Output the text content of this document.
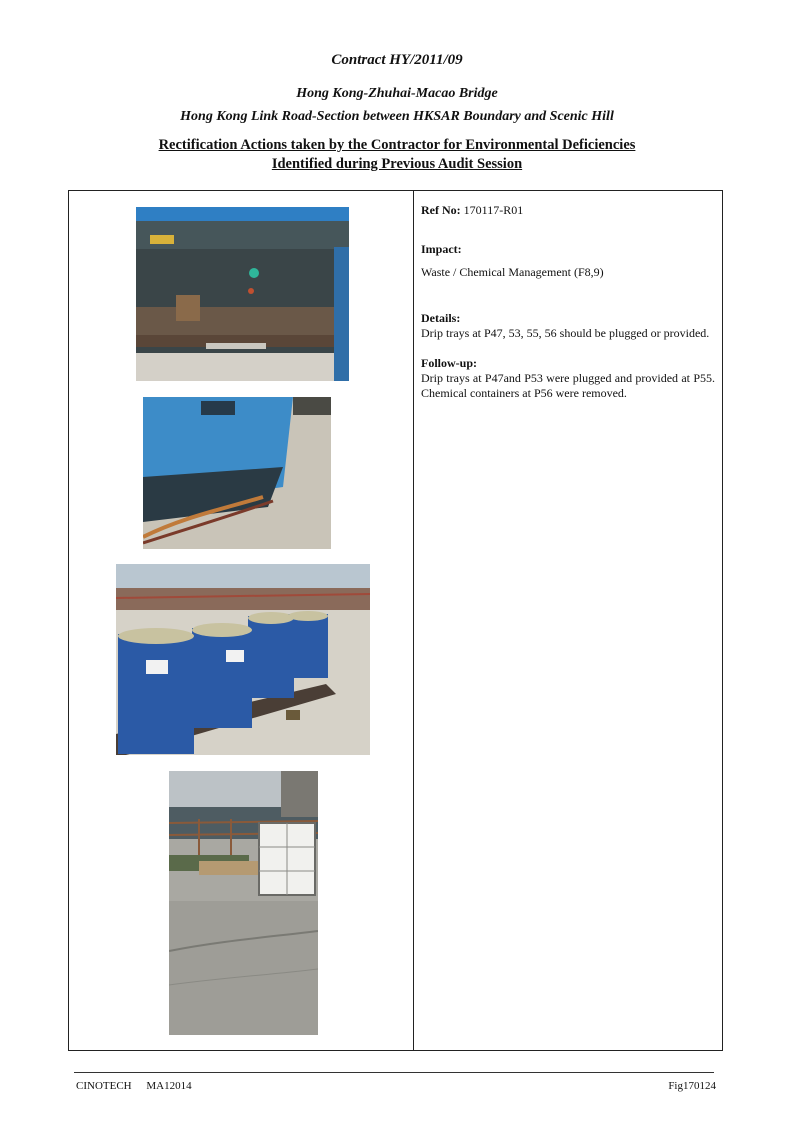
Contract HY/2011/09
Hong Kong-Zhuhai-Macao Bridge
Hong Kong Link Road-Section between HKSAR Boundary and Scenic Hill
Rectification Actions taken by the Contractor for Environmental Deficiencies
Identified during Previous Audit Session

Ref No: 170117-R01

Impact:

Waste / Chemical Management (F8,9)

Details:

Drip trays at P47, 53, 55, 56 should be plugged or provided.

Follow-up:

Drip trays at P47and P53 were plugged and provided at P55. Chemical containers at P56 were removed.

CINOTECH MA12014	Fig170124
